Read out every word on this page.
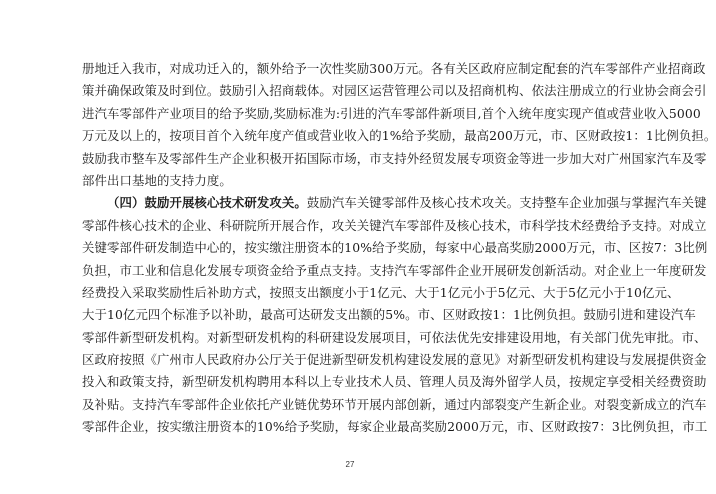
册地迁入我市，对成功迁入的，额外给予一次性奖励300万元。各有关区政府应制定配套的汽车零部件产业招商政
策并确保政策及时到位。鼓励引入招商载体。对园区运营管理公司以及招商机构、依法注册成立的行业协会商会引
进汽车零部件产业项目的给予奖励,奖励标准为:引进的汽车零部件新项目,首个入统年度实现产值或营业收入5000
万元及以上的，按项目首个入统年度产值或营业收入的1%给予奖励，最高200万元，市、区财政按1：1比例负担。
鼓励我市整车及零部件生产企业积极开拓国际市场，市支持外经贸发展专项资金等进一步加大对广州国家汽车及零
部件出口基地的支持力度。
（四）鼓励开展核心技术研发攻关。鼓励汽车关键零部件及核心技术攻关。支持整车企业加强与掌握汽车关键
零部件核心技术的企业、科研院所开展合作，攻关关键汽车零部件及核心技术，市科学技术经费给予支持。对成立
关键零部件研发制造中心的，按实缴注册资本的10%给予奖励，每家中心最高奖励2000万元，市、区按7：3比例
负担，市工业和信息化发展专项资金给予重点支持。支持汽车零部件企业开展研发创新活动。对企业上一年度研发
经费投入采取奖励性后补助方式，按照支出额度小于1亿元、大于1亿元小于5亿元、大于5亿元小于10亿元、
大于10亿元四个标准予以补助，最高可达研发支出额的5%。市、区财政按1：1比例负担。鼓励引进和建设汽车
零部件新型研发机构。对新型研发机构的科研建设发展项目，可依法优先安排建设用地，有关部门优先审批。市、
区政府按照《广州市人民政府办公厅关于促进新型研发机构建设发展的意见》对新型研发机构建设与发展提供资金
投入和政策支持，新型研发机构聘用本科以上专业技术人员、管理人员及海外留学人员，按规定享受相关经费资助
及补贴。支持汽车零部件企业依托产业链优势环节开展内部创新，通过内部裂变产生新企业。对裂变新成立的汽车
零部件企业，按实缴注册资本的10%给予奖励，每家企业最高奖励2000万元，市、区财政按7：3比例负担，市工
27
